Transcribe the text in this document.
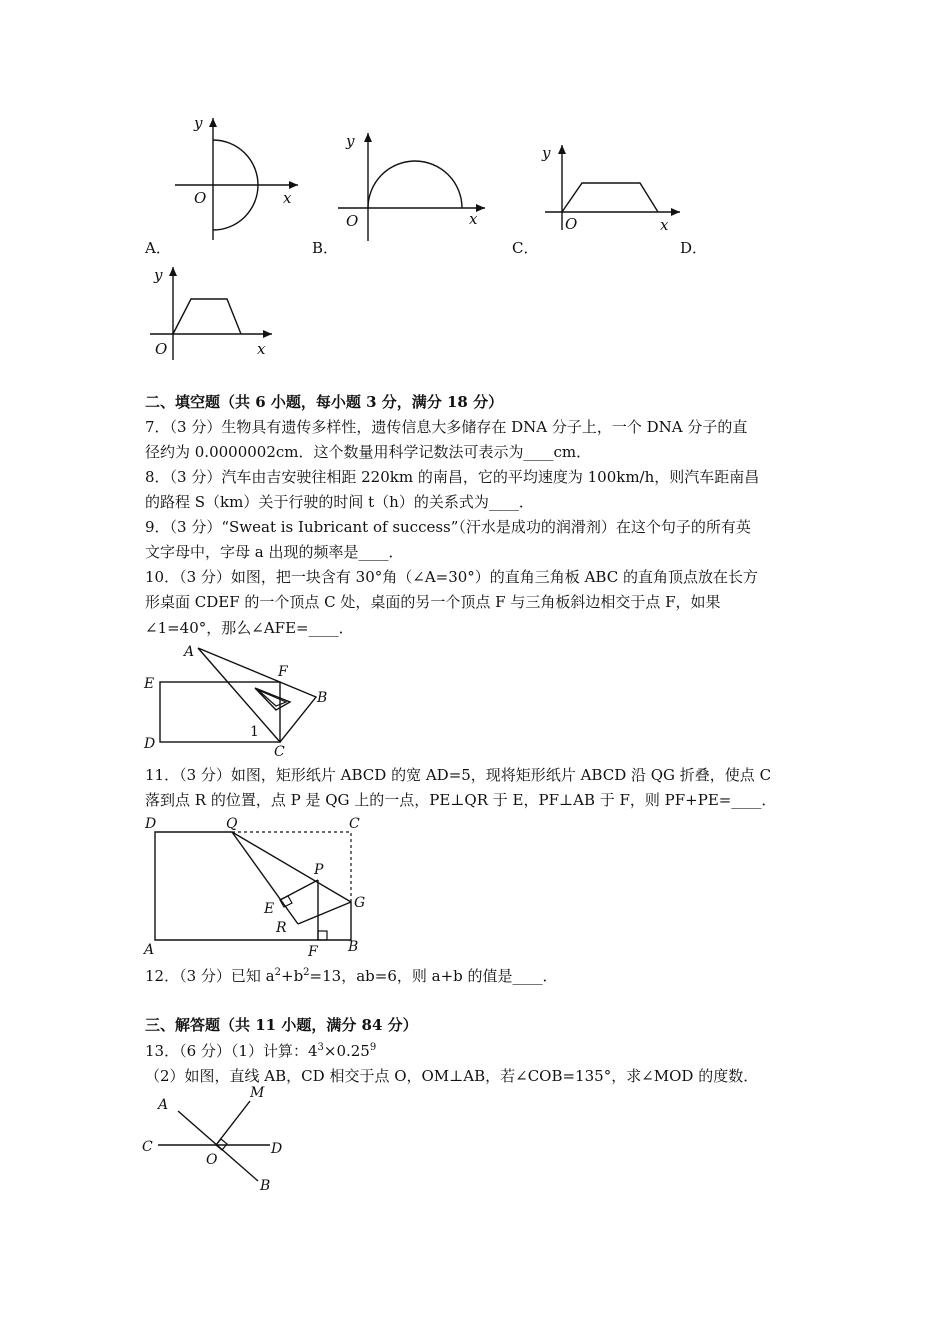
A．	B．	C．	D．
y
x
O
y
x
O
y
x
O
y
x
O
二、填空题（共 6 小题，每小题 3 分，满分 18 分）
7．（3 分）生物具有遗传多样性，遗传信息大多储存在 DNA 分子上，一个 DNA 分子的直
径约为 0.0000002cm．这个数量用科学记数法可表示为____cm．
8．（3 分）汽车由吉安驶往相距 220km 的南昌，它的平均速度为 100km/h，则汽车距南昌
的路程 S（km）关于行驶的时间 t（h）的关系式为____．
9．（3 分）“Sweat is Iubricant of success”（汗水是成功的润滑剂）在这个句子的所有英
文字母中，字母 a 出现的频率是____．
10．（3 分）如图，把一块含有 30°角（∠A=30°）的直角三角板 ABC 的直角顶点放在长方
形桌面 CDEF 的一个顶点 C 处，桌面的另一个顶点 F 与三角板斜边相交于点 F，如果
∠1=40°，那么∠AFE=____．
A
F
B
E
D	C
1
11．（3 分）如图，矩形纸片 ABCD 的宽 AD=5，现将矩形纸片 ABCD 沿 QG 折叠，使点 C
落到点 R 的位置，点 P 是 QG 上的一点，PE⊥QR 于 E，PF⊥AB 于 F，则 PF+PE=____．
D	Q	C
P
G
E
R
A	F B
12．（3 分）已知 $a^2+b^2=13$，ab=6，则 a+b 的值是____．
三、解答题（共 11 小题，满分 84 分）
13．（6 分）（1）计算：$4^3\times 0.25^9$
（2）如图，直线 AB，CD 相交于点 O，OM⊥AB，若∠COB=135°，求∠MOD 的度数．
A
M
C	D
O
B
